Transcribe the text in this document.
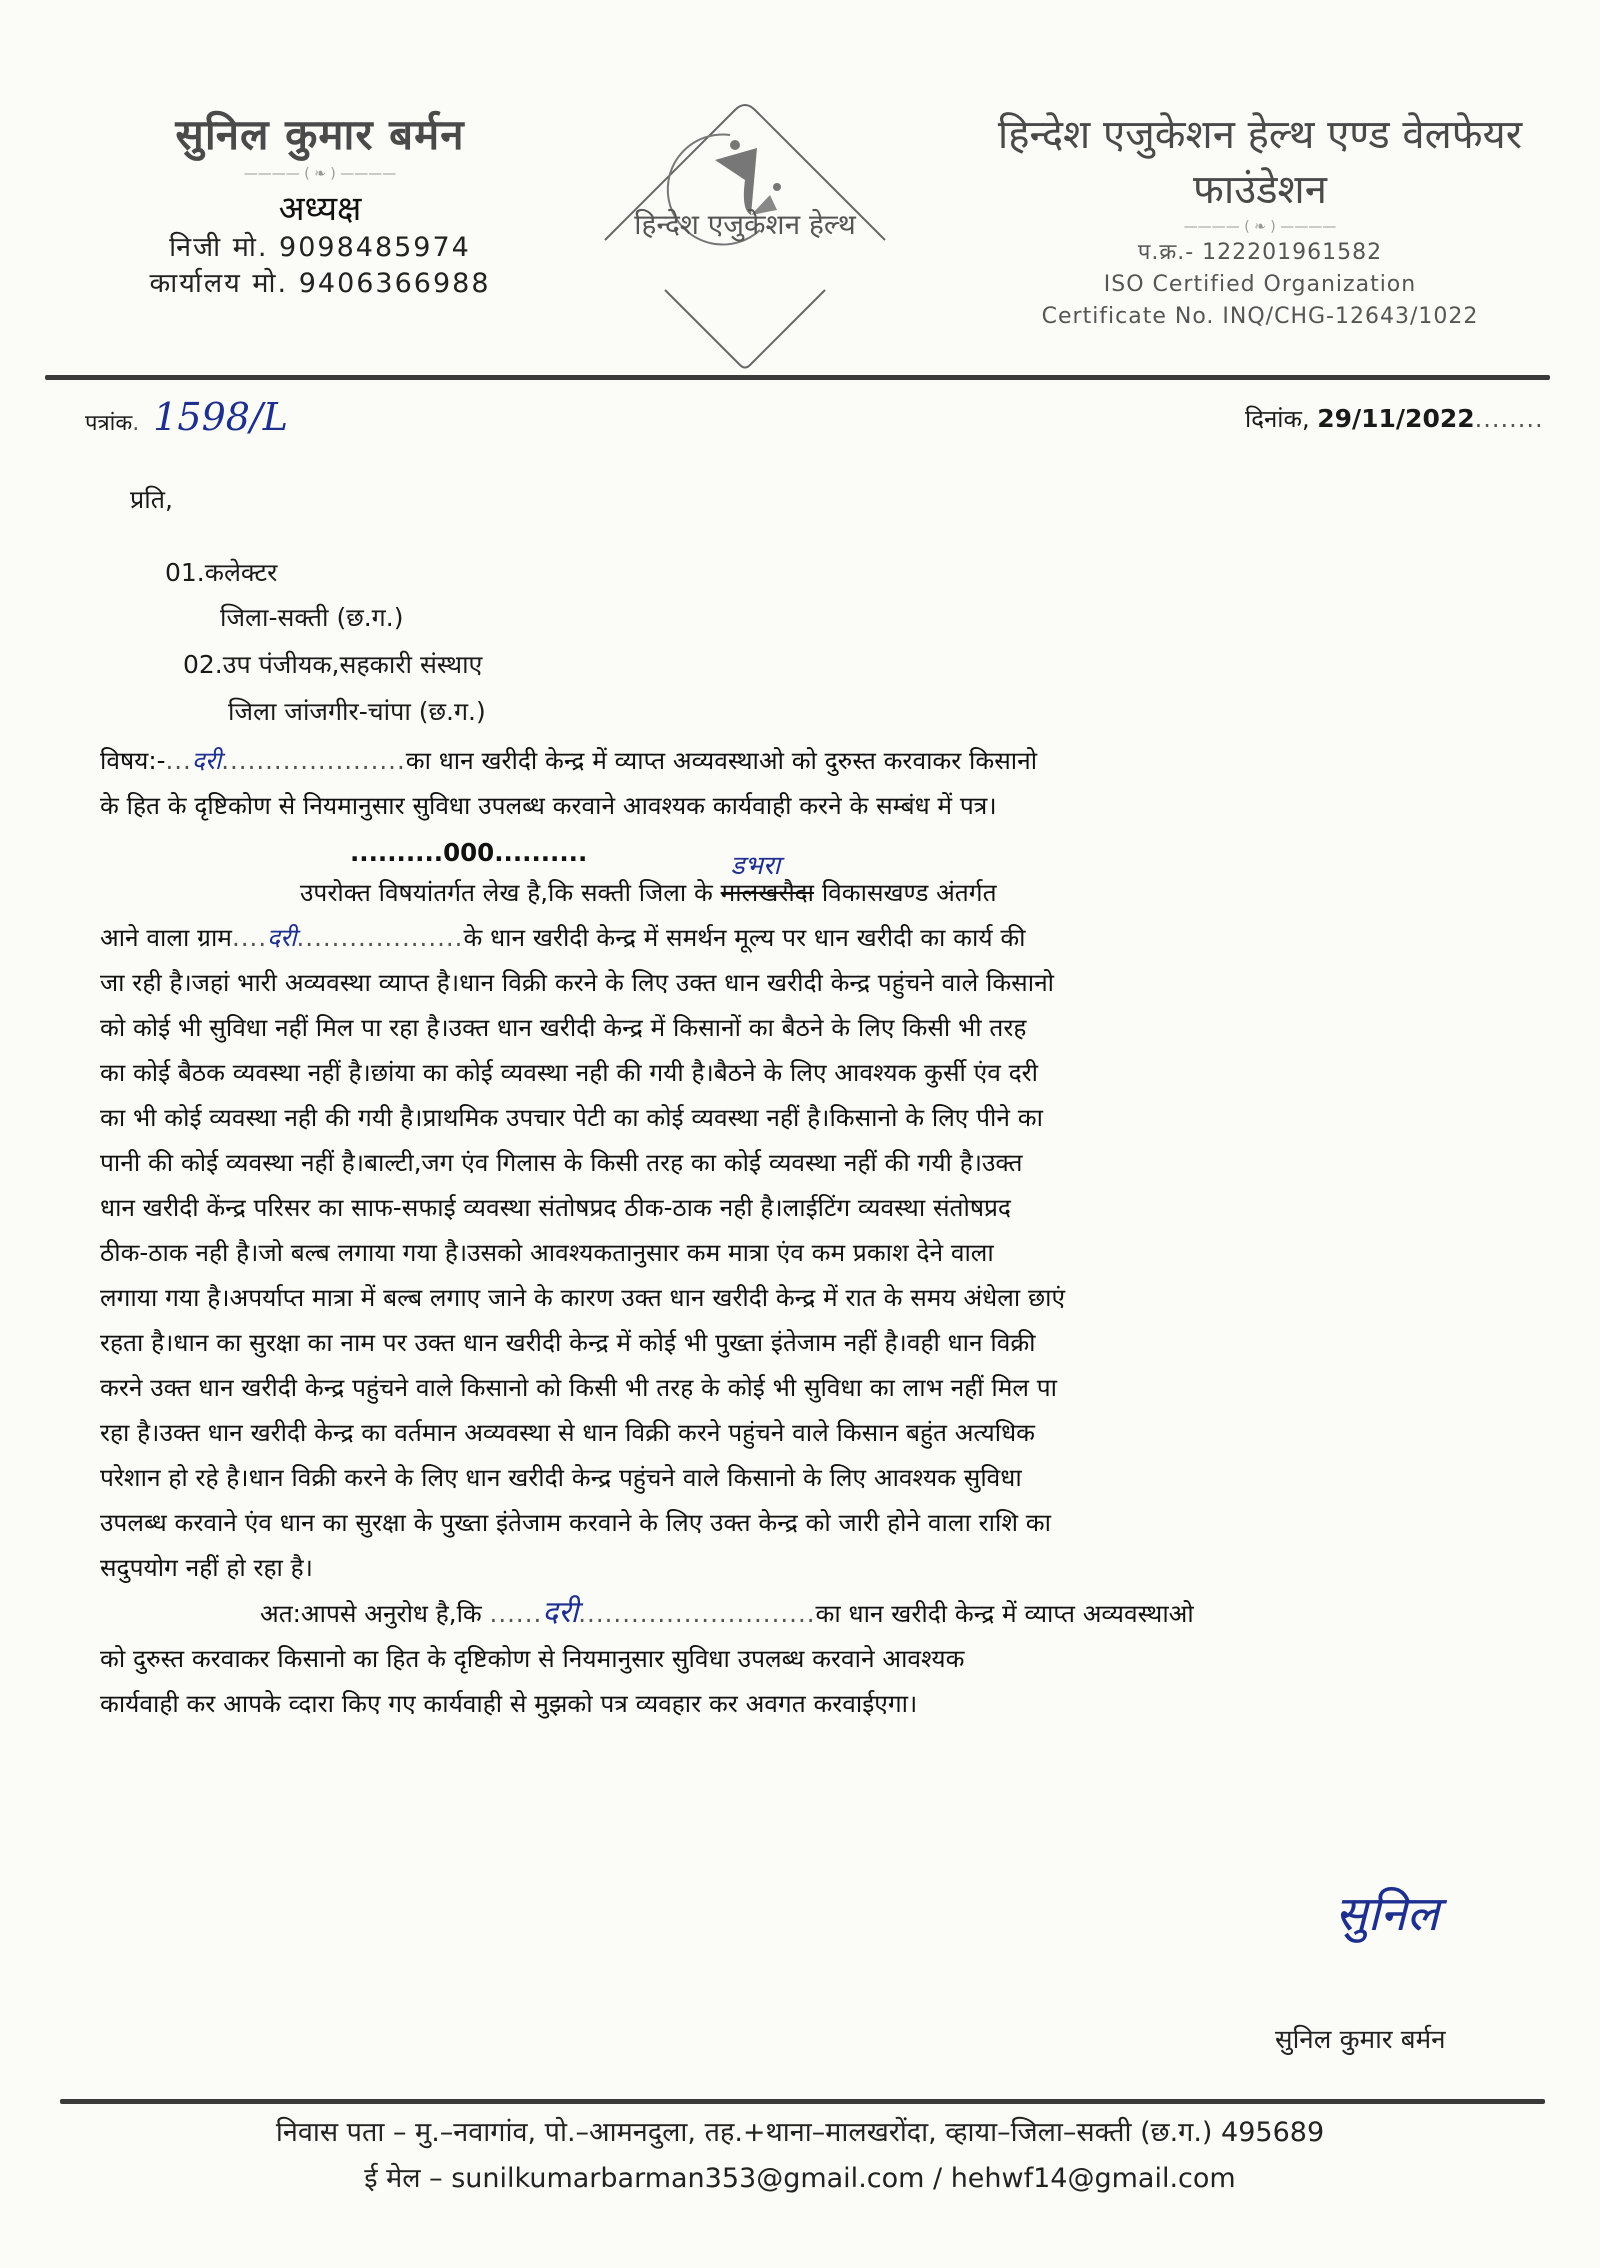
सुनिल कुमार बर्मन
———— ( ❧ ) ————
अध्यक्ष
निजी मो. 9098485974
कार्यालय मो. 9406366988
हिन्देश एजुकेशन हेल्थ
हिन्देश एजुकेशन हेल्थ एण्ड वेलफेयर फाउंडेशन
———— ( ❧ ) ————
प.क्र.- 122201961582
ISO Certified Organization
Certificate No. INQ/CHG-12643/1022
पत्रांक. 1598/L	दिनांक, 29/11/2022........
प्रति,
01.कलेक्टर
जिला-सक्ती (छ.ग.)
02.उप पंजीयक,सहकारी संस्थाए
जिला जांजगीर-चांपा (छ.ग.)
विषय:-...दरी.....................का धान खरीदी केन्द्र में व्याप्त अव्यवस्थाओ को दुरुस्त करवाकर किसानो
के हित के दृष्टिकोण से नियमानुसार सुविधा उपलब्ध करवाने आवश्यक कार्यवाही करने के सम्बंध में पत्र।
..........000..........
उपरोक्त विषयांतर्गत लेख है,कि सक्ती जिला के
डभरा
मालखरौदा विकासखण्ड अंतर्गत
आने वाला ग्राम....दरी...................के धान खरीदी केन्द्र में समर्थन मूल्य पर धान खरीदी का कार्य की
जा रही है।जहां भारी अव्यवस्था व्याप्त है।धान विक्री करने के लिए उक्त धान खरीदी केन्द्र पहुंचने वाले किसानो
को कोई भी सुविधा नहीं मिल पा रहा है।उक्त धान खरीदी केन्द्र में किसानों का बैठने के लिए किसी भी तरह
का कोई बैठक व्यवस्था नहीं है।छांया का कोई व्यवस्था नही की गयी है।बैठने के लिए आवश्यक कुर्सी एंव दरी
का भी कोई व्यवस्था नही की गयी है।प्राथमिक उपचार पेटी का कोई व्यवस्था नहीं है।किसानो के लिए पीने का
पानी की कोई व्यवस्था नहीं है।बाल्टी,जग एंव गिलास के किसी तरह का कोई व्यवस्था नहीं की गयी है।उक्त
धान खरीदी केंन्द्र परिसर का साफ-सफाई व्यवस्था संतोषप्रद ठीक-ठाक नही है।लाईटिंग व्यवस्था संतोषप्रद
ठीक-ठाक नही है।जो बल्ब लगाया गया है।उसको आवश्यकतानुसार कम मात्रा एंव कम प्रकाश देने वाला
लगाया गया है।अपर्याप्त मात्रा में बल्ब लगाए जाने के कारण उक्त धान खरीदी केन्द्र में रात के समय अंधेला छाएं
रहता है।धान का सुरक्षा का नाम पर उक्त धान खरीदी केन्द्र में कोई भी पुख्ता इंतेजाम नहीं है।वही धान विक्री
करने उक्त धान खरीदी केन्द्र पहुंचने वाले किसानो को किसी भी तरह के कोई भी सुविधा का लाभ नहीं मिल पा
रहा है।उक्त धान खरीदी केन्द्र का वर्तमान अव्यवस्था से धान विक्री करने पहुंचने वाले किसान बहुंत अत्यधिक
परेशान हो रहे है।धान विक्री करने के लिए धान खरीदी केन्द्र पहुंचने वाले किसानो के लिए आवश्यक सुविधा
उपलब्ध करवाने एंव धान का सुरक्षा के पुख्ता इंतेजाम करवाने के लिए उक्त केन्द्र को जारी होने वाला राशि का
सदुपयोग नहीं हो रहा है।
अत:आपसे अनुरोध है,कि ......दरी...........................का धान खरीदी केन्द्र में व्याप्त अव्यवस्थाओ
को दुरुस्त करवाकर किसानो का हित के दृष्टिकोण से नियमानुसार सुविधा उपलब्ध करवाने आवश्यक
कार्यवाही कर आपके व्दारा किए गए कार्यवाही से मुझको पत्र व्यवहार कर अवगत करवाईएगा।
सुनिल
सुनिल कुमार बर्मन
निवास पता – मु.–नवागांव, पो.–आमनदुला, तह.+थाना–मालखरोंदा, व्हाया–जिला–सक्ती (छ.ग.) 495689
ई मेल – sunilkumarbarman353@gmail.com / hehwf14@gmail.com
